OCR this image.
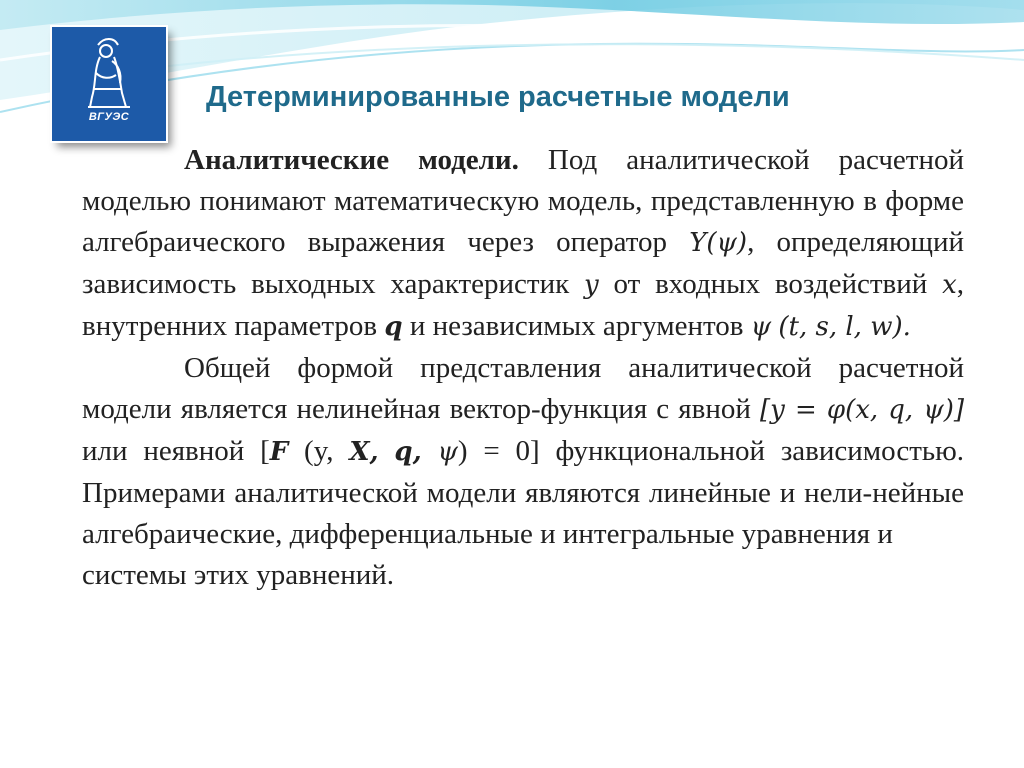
ВГУЭС
Детерминированные расчетные модели

Аналитические модели. Под аналитической расчетной моделью понимают математическую модель, представленную в форме алгебраического выражения через оператор Y(ψ), определяющий зависимость выходных характеристик y от входных воздействий x, внутренних параметров q и независимых аргументов ψ (t, s, l, w).

Общей формой представления аналитической расчетной модели является нелинейная вектор-функция с явной [y = φ(x, q, ψ)] или неявной [F (y, X, q, ψ) = 0] функциональной зависимостью. Примерами аналитической модели являются линейные и нели-нейные алгебраические, дифференциальные и интегральные уравнения и

системы этих уравнений.
